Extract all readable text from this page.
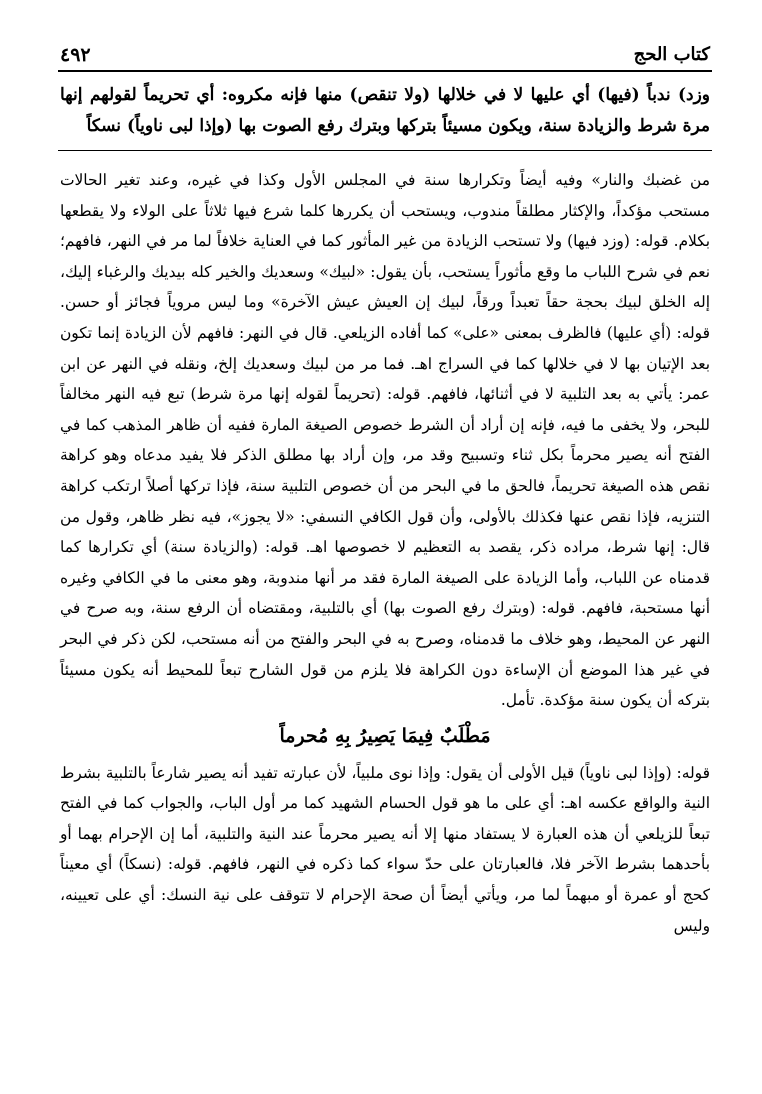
٤٩٢	كتاب الحج
وزد) ندباً (فيها) أي عليها لا في خلالها (ولا تنقص) منها فإنه مكروه: أي تحريماً لقولهم إنها مرة شرط والزيادة سنة، ويكون مسيئاً بتركها وبترك رفع الصوت بها (وإذا لبى ناوياً) نسكاً
من غضبك والنار» وفيه أيضاً وتكرارها سنة في المجلس الأول وكذا في غيره، وعند تغير الحالات مستحب مؤكداً، والإكثار مطلقاً مندوب، ويستحب أن يكررها كلما شرع فيها ثلاثاً على الولاء ولا يقطعها بكلام. قوله: (وزد فيها) ولا تستحب الزيادة من غير المأثور كما في العناية خلافاً لما مر في النهر، فافهم؛ نعم في شرح اللباب ما وقع مأثوراً يستحب، بأن يقول: «لبيك» وسعديك والخير كله بيديك والرغباء إليك، إله الخلق لبيك بحجة حقاً تعبداً ورقاً، لبيك إن العيش عيش الآخرة» وما ليس مروياً فجائز أو حسن. قوله: (أي عليها) فالظرف بمعنى «على» كما أفاده الزيلعي. قال في النهر: فافهم لأن الزيادة إنما تكون بعد الإتيان بها لا في خلالها كما في السراج اهـ. فما مر من لبيك وسعديك إلخ، ونقله في النهر عن ابن عمر: يأتي به بعد التلبية لا في أثنائها، فافهم. قوله: (تحريماً لقوله إنها مرة شرط) تبع فيه النهر مخالفاً للبحر، ولا يخفى ما فيه، فإنه إن أراد أن الشرط خصوص الصيغة المارة ففيه أن ظاهر المذهب كما في الفتح أنه يصير محرماً بكل ثناء وتسبيح وقد مر، وإن أراد بها مطلق الذكر فلا يفيد مدعاه وهو كراهة نقص هذه الصيغة تحريماً، فالحق ما في البحر من أن خصوص التلبية سنة، فإذا تركها أصلاً ارتكب كراهة التنزيه، فإذا نقص عنها فكذلك بالأولى، وأن قول الكافي النسفي: «لا يجوز»، فيه نظر ظاهر، وقول من قال: إنها شرط، مراده ذكر، يقصد به التعظيم لا خصوصها اهـ. قوله: (والزيادة سنة) أي تكرارها كما قدمناه عن اللباب، وأما الزيادة على الصيغة المارة فقد مر أنها مندوبة، وهو معنى ما في الكافي وغيره أنها مستحبة، فافهم. قوله: (وبترك رفع الصوت بها) أي بالتلبية، ومقتضاه أن الرفع سنة، وبه صرح في النهر عن المحيط، وهو خلاف ما قدمناه، وصرح به في البحر والفتح من أنه مستحب، لكن ذكر في البحر في غير هذا الموضع أن الإساءة دون الكراهة فلا يلزم من قول الشارح تبعاً للمحيط أنه يكون مسيئاً بتركه أن يكون سنة مؤكدة. تأمل.
مَطْلَبٌ فِيمَا يَصِيرُ بِهِ مُحرماً
قوله: (وإذا لبى ناوياً) قيل الأولى أن يقول: وإذا نوى ملبياً، لأن عبارته تفيد أنه يصير شارعاً بالتلبية بشرط النية والواقع عكسه اهـ: أي على ما هو قول الحسام الشهيد كما مر أول الباب، والجواب كما في الفتح تبعاً للزيلعي أن هذه العبارة لا يستفاد منها إلا أنه يصير محرماً عند النية والتلبية، أما إن الإحرام بهما أو بأحدهما بشرط الآخر فلا، فالعبارتان على حدّ سواء كما ذكره في النهر، فافهم. قوله: (نسكاً) أي معيناً كحج أو عمرة أو مبهماً لما مر، ويأتي أيضاً أن صحة الإحرام لا تتوقف على نية النسك: أي على تعيينه، وليس
